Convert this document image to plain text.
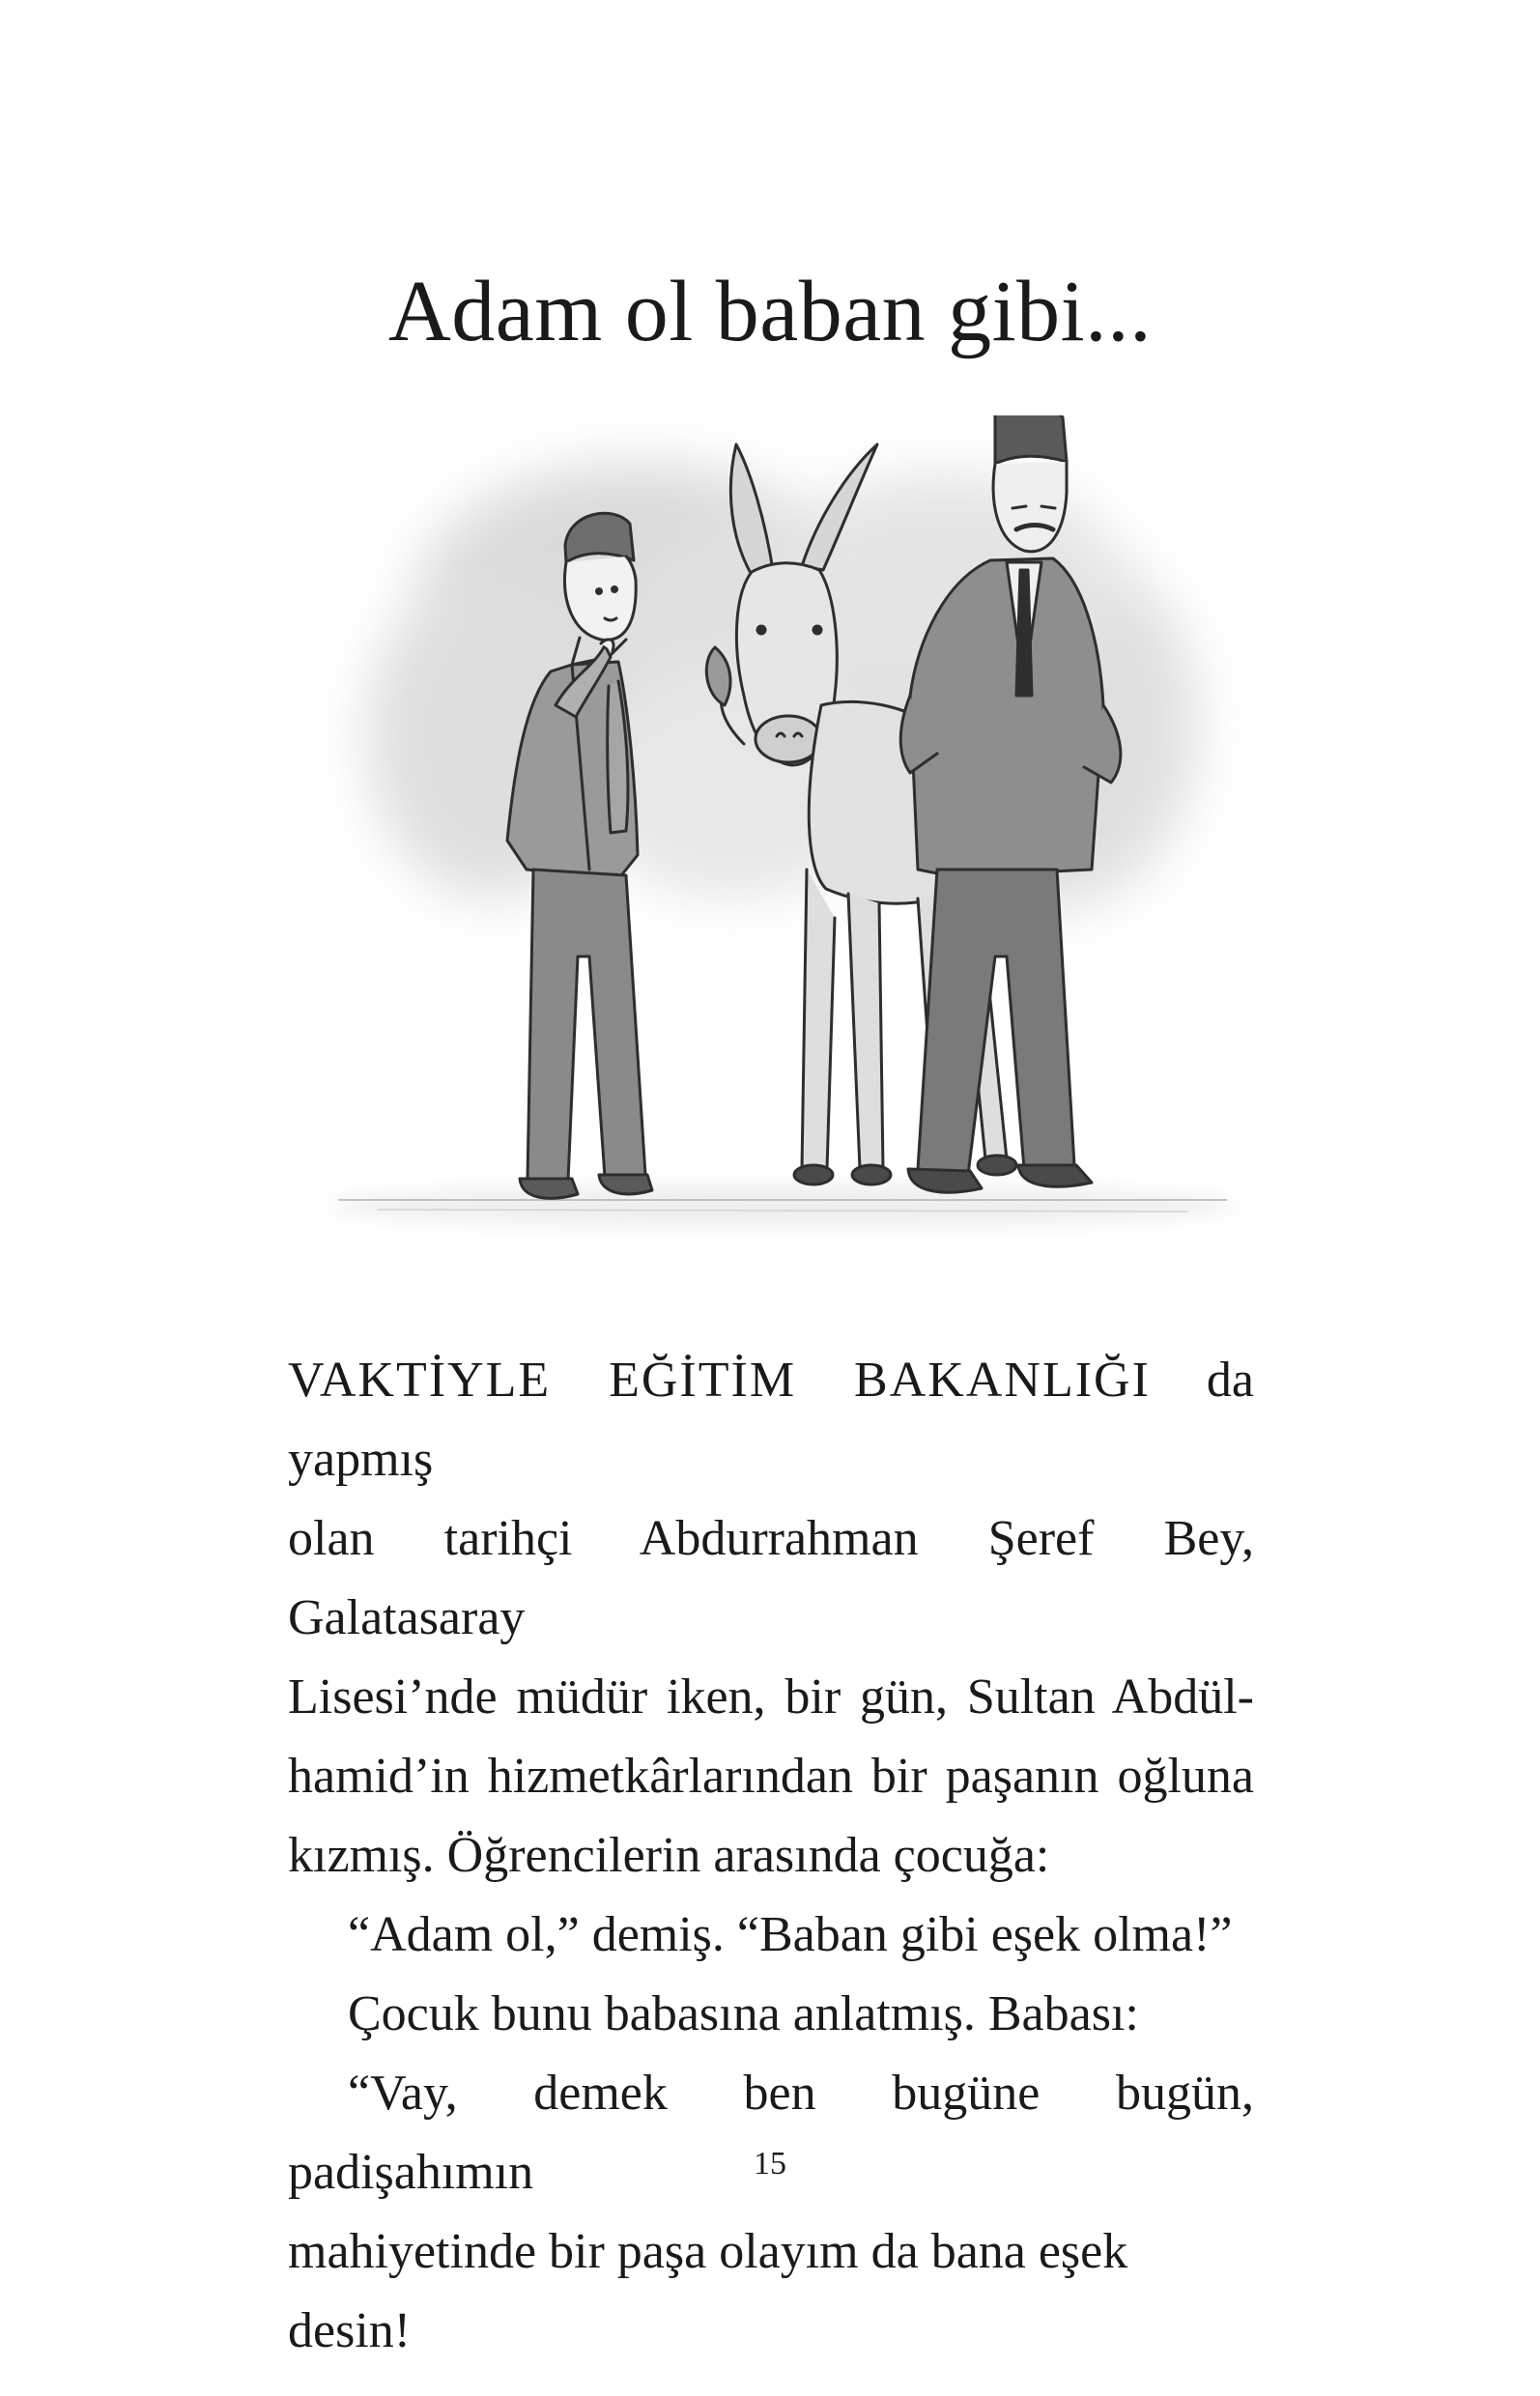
Adam ol baban gibi...

VAKTİYLE EĞİTİM BAKANLIĞI da yapmış

olan tarihçi Abdurrahman Şeref Bey, Galatasaray

Lisesi’nde müdür iken, bir gün, Sultan Abdül-

hamid’in hizmetkârlarından bir paşanın oğluna

kızmış. Öğrencilerin arasında çocuğa:

“Adam ol,” demiş. “Baban gibi eşek olma!”

Çocuk bunu babasına anlatmış. Babası:

“Vay, demek ben bugüne bugün, padişahımın

mahiyetinde bir paşa olayım da bana eşek desin!

15
